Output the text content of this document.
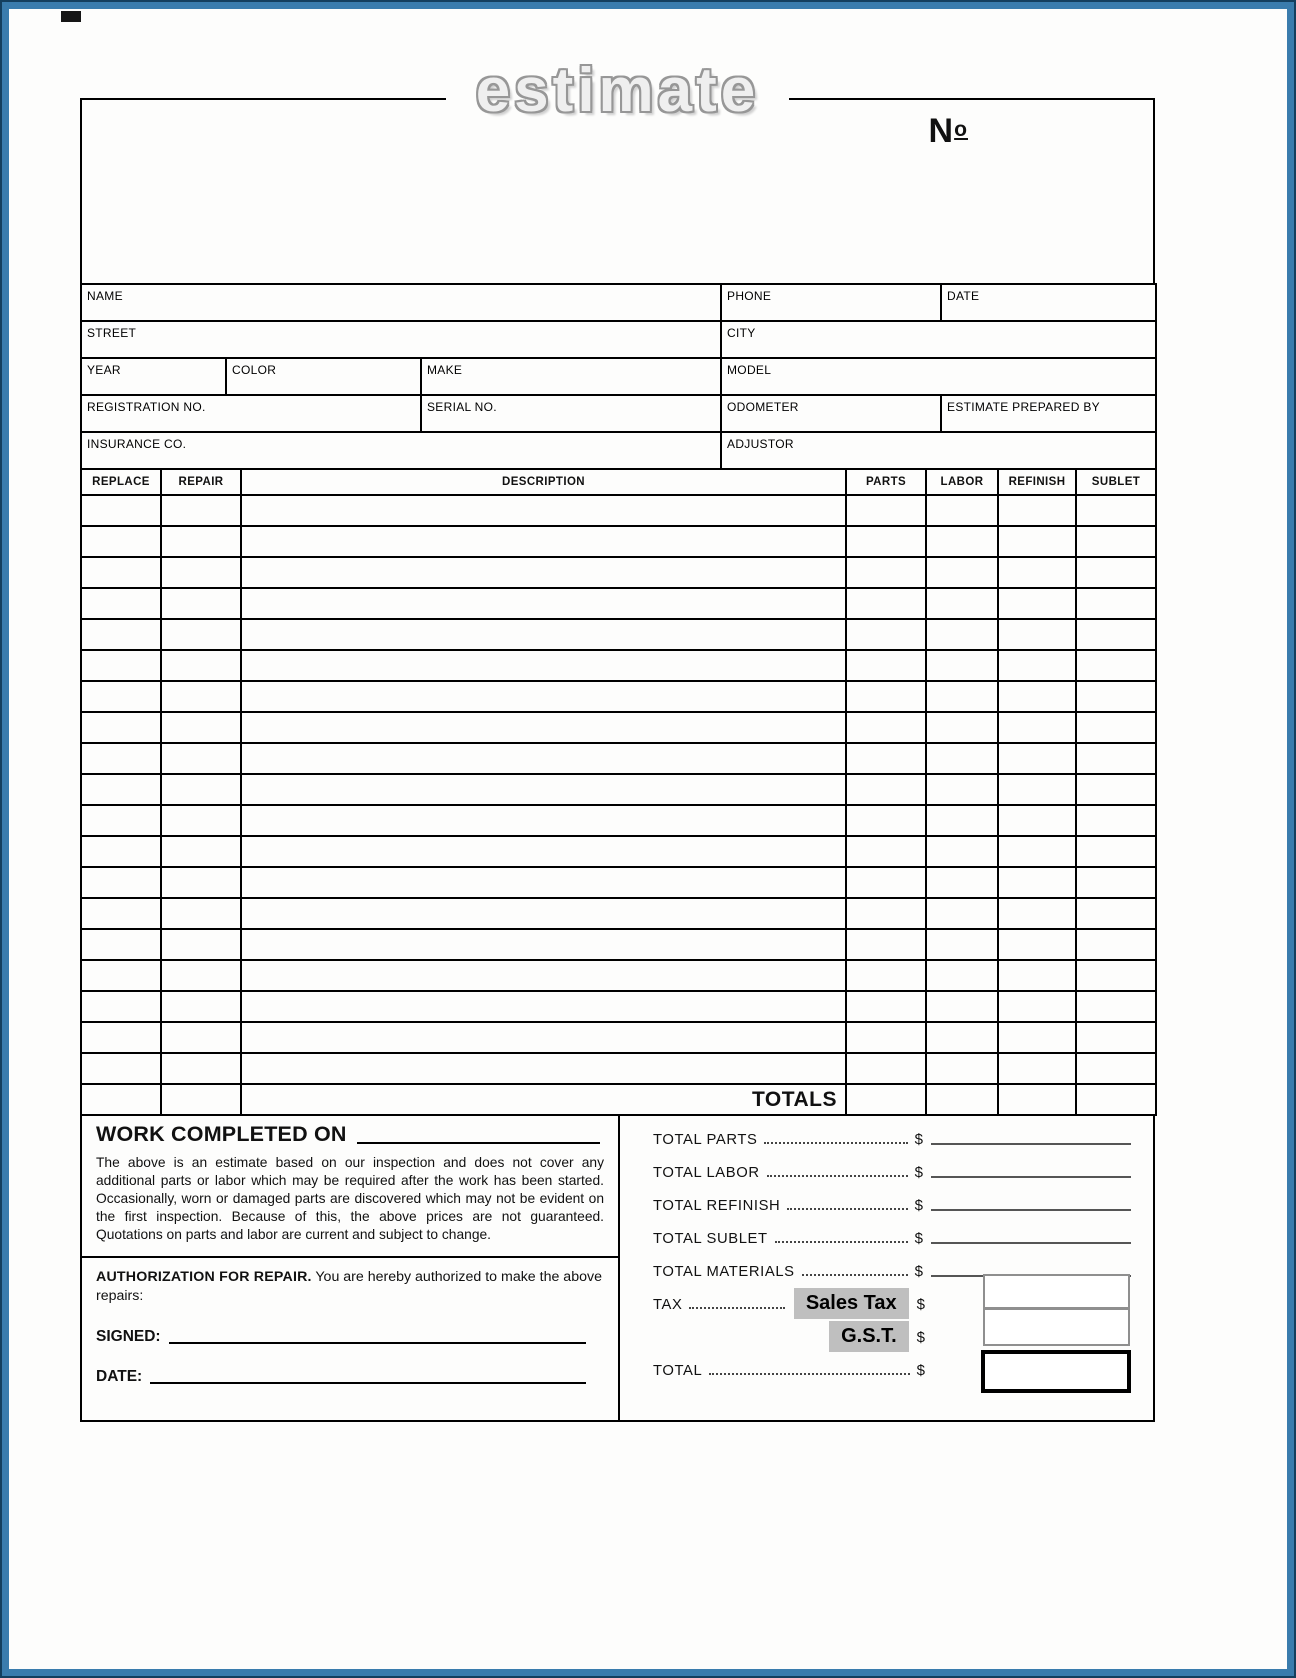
estimate
No
NAME			PHONE	DATE
STREET			CITY	
YEAR	COLOR	MAKE	MODEL	
REGISTRATION NO.		SERIAL NO.	ODOMETER	ESTIMATE PREPARED BY
INSURANCE CO.			ADJUSTOR	
REPLACE	REPAIR	DESCRIPTION	PARTS	LABOR	REFINISH	SUBLET

		TOTALS				
WORK COMPLETED ON

The above is an estimate based on our inspection and does not cover any additional parts or labor which may be required after the work has been started. Occasionally, worn or damaged parts are discovered which may not be evident on the first inspection. Because of this, the above prices are not guaranteed. Quotations on parts and labor are current and subject to change.

AUTHORIZATION FOR REPAIR. You are hereby authorized to make the above repairs:

SIGNED:
DATE:
TOTAL PARTS	$
TOTAL LABOR	$
TOTAL REFINISH	$
TOTAL SUBLET	$
TOTAL MATERIALS	$
TAX	Sales Tax	$
G.S.T.	$
TOTAL	$
